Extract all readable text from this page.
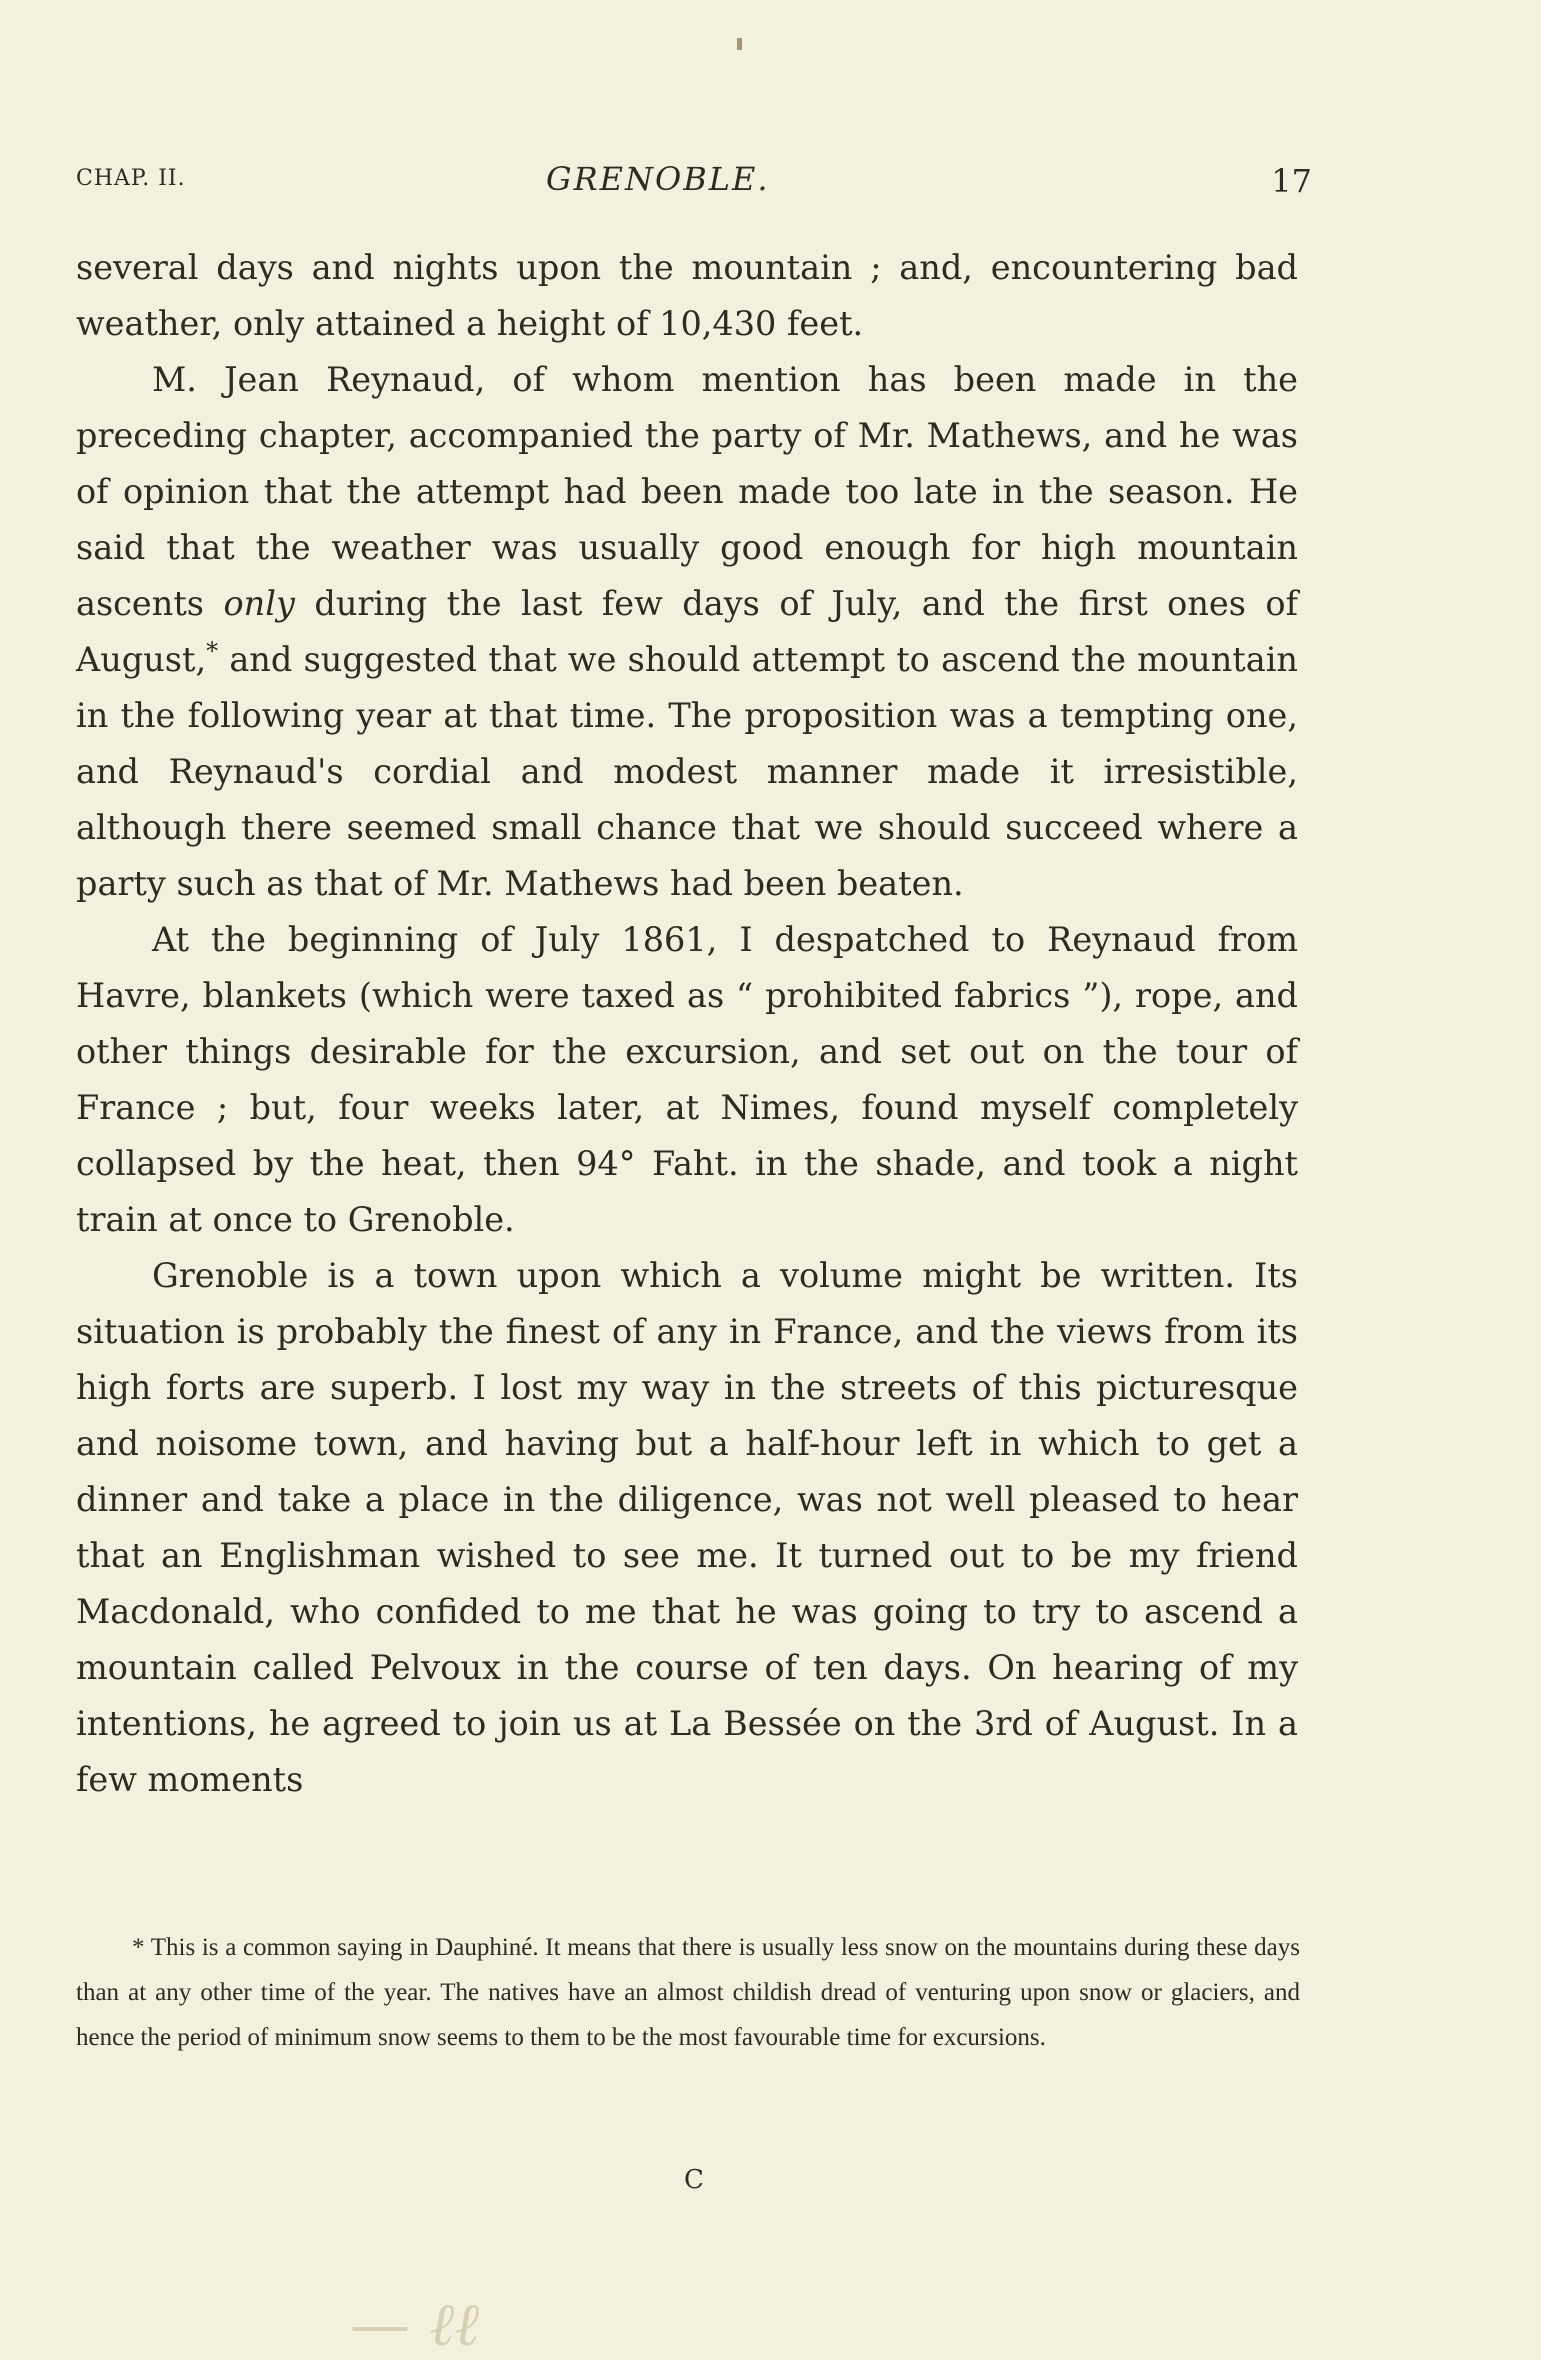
CHAP. II.	GRENOBLE.	17

several days and nights upon the mountain ; and, encountering bad weather, only attained a height of 10,430 feet.

M. Jean Reynaud, of whom mention has been made in the preceding chapter, accompanied the party of Mr. Mathews, and he was of opinion that the attempt had been made too late in the season. He said that the weather was usually good enough for high mountain ascents only during the last few days of July, and the first ones of August,* and suggested that we should attempt to ascend the mountain in the following year at that time. The proposition was a tempting one, and Reynaud's cordial and modest manner made it irresistible, although there seemed small chance that we should succeed where a party such as that of Mr. Mathews had been beaten.

At the beginning of July 1861, I despatched to Reynaud from Havre, blankets (which were taxed as “ prohibited fabrics ”), rope, and other things desirable for the excursion, and set out on the tour of France ; but, four weeks later, at Nimes, found myself completely collapsed by the heat, then 94° Faht. in the shade, and took a night train at once to Grenoble.

Grenoble is a town upon which a volume might be written. Its situation is probably the finest of any in France, and the views from its high forts are superb. I lost my way in the streets of this picturesque and noisome town, and having but a half-hour left in which to get a dinner and take a place in the diligence, was not well pleased to hear that an Englishman wished to see me. It turned out to be my friend Macdonald, who confided to me that he was going to try to ascend a mountain called Pelvoux in the course of ten days. On hearing of my intentions, he agreed to join us at La Bessée on the 3rd of August. In a few moments

* This is a common saying in Dauphiné. It means that there is usually less snow on the mountains during these days than at any other time of the year. The natives have an almost childish dread of venturing upon snow or glaciers, and hence the period of minimum snow seems to them to be the most favourable time for excursions.

C
— ℓℓ
